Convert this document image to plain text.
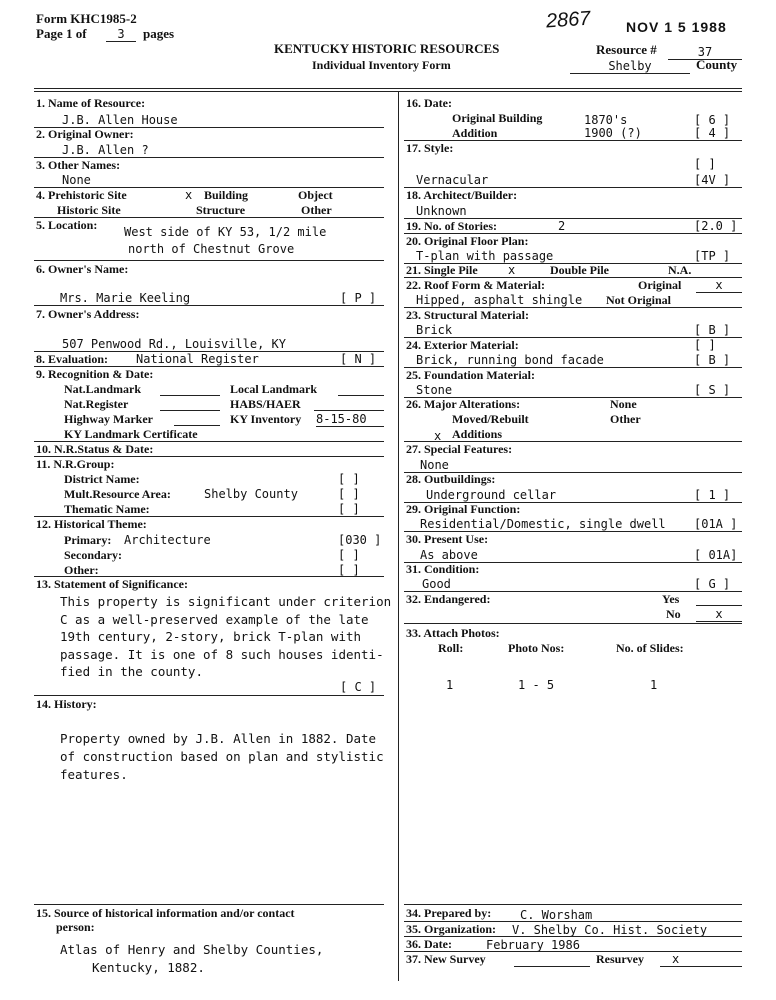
Form KHC1985-2
Page 1 of	3	pages
2867 NOV 1 5 1988
KENTUCKY HISTORIC RESOURCES
Individual Inventory Form
Resource #	37
Shelby	County
1. Name of Resource:
J.B. Allen House
2. Original Owner:
J.B. Allen ?
3. Other Names:
None
4. Prehistoric Site	x Building	Object
Historic Site	Structure	Other
5. Location: West side of KY 53, 1/2 mile
north of Chestnut Grove
6. Owner's Name:
Mrs. Marie Keeling	[ P ]
7. Owner's Address:
507 Penwood Rd., Louisville, KY
8. Evaluation: National Register	[ N ]
9. Recognition & Date:
Nat.Landmark	Local Landmark
Nat.Register	HABS/HAER
Highway Marker	KY Inventory 8-15-80
KY Landmark Certificate
10. N.R.Status & Date:
11. N.R.Group:
District Name:	[ ]
Mult.Resource Area:	Shelby County	[ ]
Thematic Name:	[ ]
12. Historical Theme:
Primary: Architecture	[030 ]
Secondary:	[ ]
Other:	[ ]
13. Statement of Significance:
This property is significant under criterion
C as a well-preserved example of the late
19th century, 2-story, brick T-plan with
passage. It is one of 8 such houses identi-
fied in the county.
[ C ]
14. History:
Property owned by J.B. Allen in 1882. Date
of construction based on plan and stylistic
features.
15. Source of historical information and/or contact
person:
Atlas of Henry and Shelby Counties,
Kentucky, 1882.
16. Date:
Original Building	1870's	[ 6 ]
Addition	1900 (?)	[ 4 ]
17. Style:
[ ]
Vernacular	[4V ]
18. Architect/Builder:
Unknown
19. No. of Stories:	2	[2.0 ]
20. Original Floor Plan:
T-plan with passage	[TP ]
21. Single Pile	x	Double Pile	N.A.
22. Roof Form & Material:	Original	x
Hipped, asphalt shingle Not Original
23. Structural Material:
Brick	[ B ]
24. Exterior Material:	[ ]
Brick, running bond facade	[ B ]
25. Foundation Material:
Stone	[ S ]
26. Major Alterations:	None
Moved/Rebuilt	Other
x Additions
27. Special Features:
None
28. Outbuildings:
Underground cellar	[ 1 ]
29. Original Function:
Residential/Domestic, single dwell [01A ]
30. Present Use:
As above	[ 01A]
31. Condition:
Good	[ G ]
32. Endangered:	Yes
No	x
33. Attach Photos:
Roll:	Photo Nos:	No. of Slides:
1	1 - 5	1
34. Prepared by: C. Worsham
35. Organization: V. Shelby Co. Hist. Society
36. Date:	February 1986
37. New Survey	Resurvey	x
